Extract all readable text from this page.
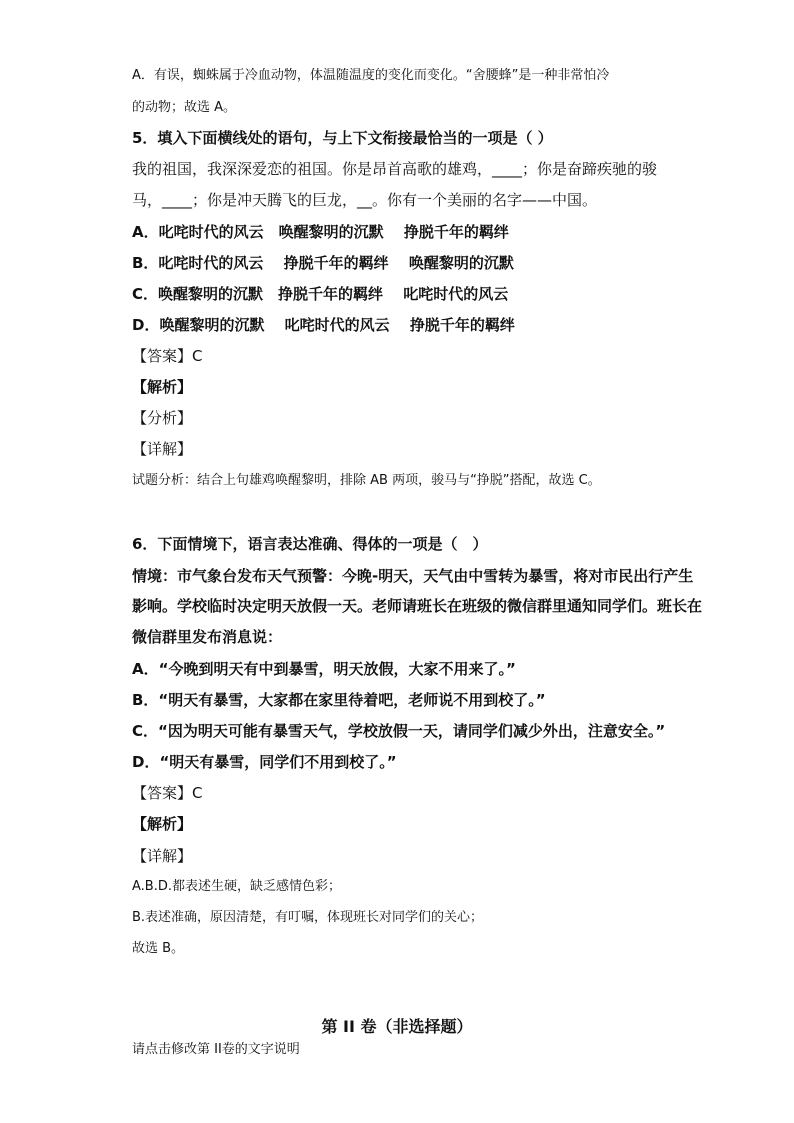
A．有误，蜘蛛属于冷血动物，体温随温度的变化而变化。“舍腰蜂”是一种非常怕冷
的动物；故选 A。
5．填入下面横线处的语句，与上下文衔接最恰当的一项是（ ）
我的祖国，我深深爱恋的祖国。你是昂首高歌的雄鸡，____；你是奋蹄疾驰的骏
马，____；你是冲天腾飞的巨龙，__。你有一个美丽的名字——中国。
A．叱咤时代的风云　唤醒黎明的沉默　 挣脱千年的羁绊
B．叱咤时代的风云　 挣脱千年的羁绊　 唤醒黎明的沉默
C．唤醒黎明的沉默　挣脱千年的羁绊　 叱咤时代的风云
D．唤醒黎明的沉默　 叱咤时代的风云　 挣脱千年的羁绊
【答案】C
【解析】
【分析】
【详解】
试题分析：结合上句雄鸡唤醒黎明，排除 AB 两项，骏马与“挣脱”搭配，故选 C。
6．下面情境下，语言表达准确、得体的一项是（　）
情境：市气象台发布天气预警：今晚-明天，天气由中雪转为暴雪，将对市民出行产生
影响。学校临时决定明天放假一天。老师请班长在班级的微信群里通知同学们。班长在
微信群里发布消息说：
A．“今晚到明天有中到暴雪，明天放假，大家不用来了。”
B．“明天有暴雪，大家都在家里待着吧，老师说不用到校了。”
C．“因为明天可能有暴雪天气，学校放假一天，请同学们减少外出，注意安全。”
D．“明天有暴雪，同学们不用到校了。”
【答案】C
【解析】
【详解】
A.B.D.都表述生硬，缺乏感情色彩；
B.表述准确，原因清楚，有叮嘱，体现班长对同学们的关心；
故选 B。
第 II 卷（非选择题）
请点击修改第 II卷的文字说明
